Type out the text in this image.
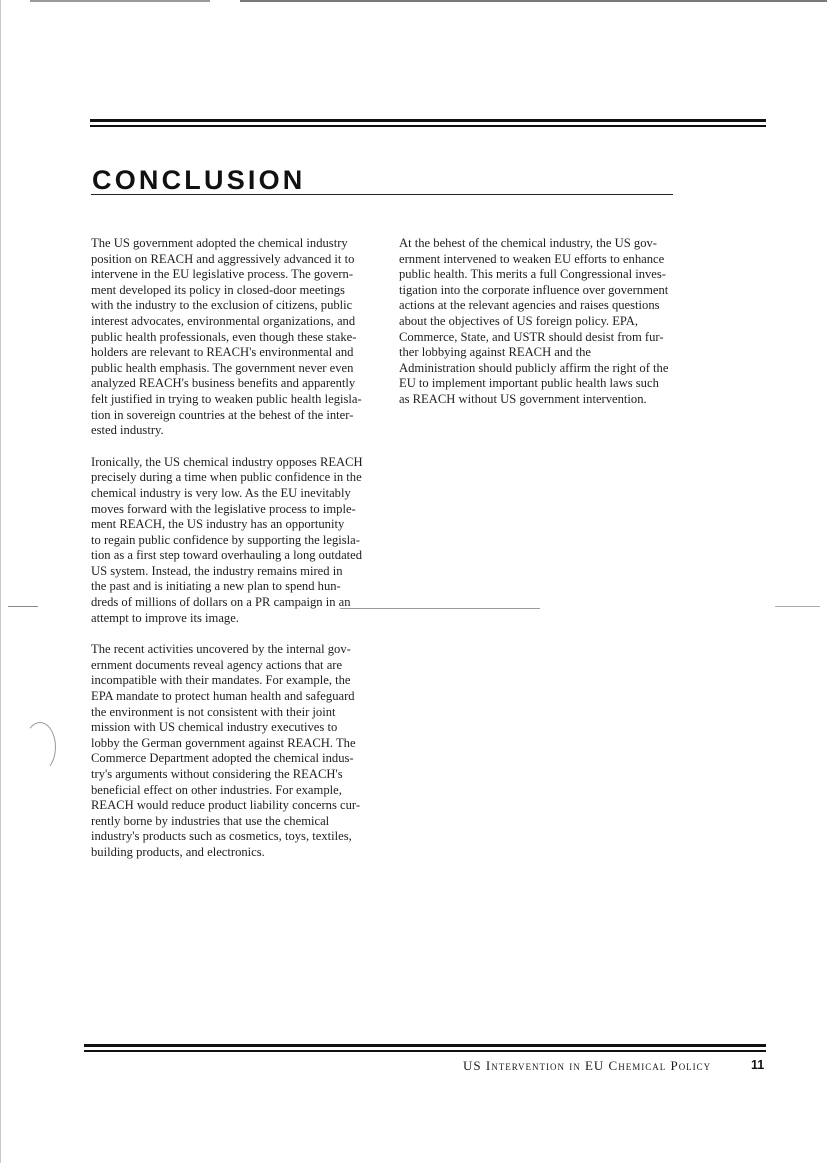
CONCLUSION

The US government adopted the chemical industry
position on REACH and aggressively advanced it to
intervene in the EU legislative process. The govern-
ment developed its policy in closed-door meetings
with the industry to the exclusion of citizens, public
interest advocates, environmental organizations, and
public health professionals, even though these stake-
holders are relevant to REACH's environmental and
public health emphasis. The government never even
analyzed REACH's business benefits and apparently
felt justified in trying to weaken public health legisla-
tion in sovereign countries at the behest of the inter-
ested industry.

Ironically, the US chemical industry opposes REACH
precisely during a time when public confidence in the
chemical industry is very low. As the EU inevitably
moves forward with the legislative process to imple-
ment REACH, the US industry has an opportunity
to regain public confidence by supporting the legisla-
tion as a first step toward overhauling a long outdated
US system. Instead, the industry remains mired in
the past and is initiating a new plan to spend hun-
dreds of millions of dollars on a PR campaign in an
attempt to improve its image.

The recent activities uncovered by the internal gov-
ernment documents reveal agency actions that are
incompatible with their mandates. For example, the
EPA mandate to protect human health and safeguard
the environment is not consistent with their joint
mission with US chemical industry executives to
lobby the German government against REACH. The
Commerce Department adopted the chemical indus-
try's arguments without considering the REACH's
beneficial effect on other industries. For example,
REACH would reduce product liability concerns cur-
rently borne by industries that use the chemical
industry's products such as cosmetics, toys, textiles,
building products, and electronics.

At the behest of the chemical industry, the US gov-
ernment intervened to weaken EU efforts to enhance
public health. This merits a full Congressional inves-
tigation into the corporate influence over government
actions at the relevant agencies and raises questions
about the objectives of US foreign policy. EPA,
Commerce, State, and USTR should desist from fur-
ther lobbying against REACH and the
Administration should publicly affirm the right of the
EU to implement important public health laws such
as REACH without US government intervention.

US Intervention in EU Chemical Policy	11
